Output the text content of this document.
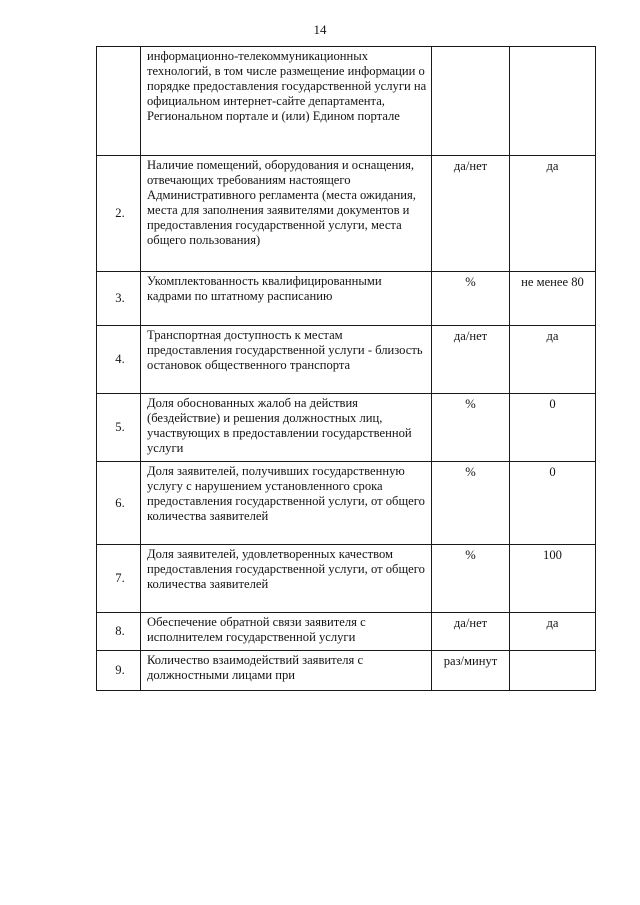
14

	информационно-телекоммуникационных технологий, в том числе размещение информации о порядке предоставления государственной услуги на официальном интернет-сайте департамента, Региональном портале и (или) Едином портале		

2.	Наличие помещений, оборудования и оснащения, отвечающих требованиям настоящего Административного регламента (места ожидания, места для заполнения заявителями документов и предоставления государственной услуги, места общего пользования)	да/нет	да
3.	Укомплектованность квалифицированными кадрами по штатному расписанию	%	не менее 80
4.	Транспортная доступность к местам предоставления государственной услуги - близость остановок общественного транспорта	да/нет	да
5.	Доля обоснованных жалоб на действия (бездействие) и решения должностных лиц, участвующих в предоставлении государственной услуги	%	0
6.	Доля заявителей, получивших государственную услугу с нарушением установленного срока предоставления государственной услуги, от общего количества заявителей	%	0
7.	Доля заявителей, удовлетворенных качеством предоставления государственной услуги, от общего количества заявителей	%	100
8.	Обеспечение обратной связи заявителя с исполнителем государственной услуги	да/нет	да
9.	Количество взаимодействий заявителя с должностными лицами при	раз/минут	
